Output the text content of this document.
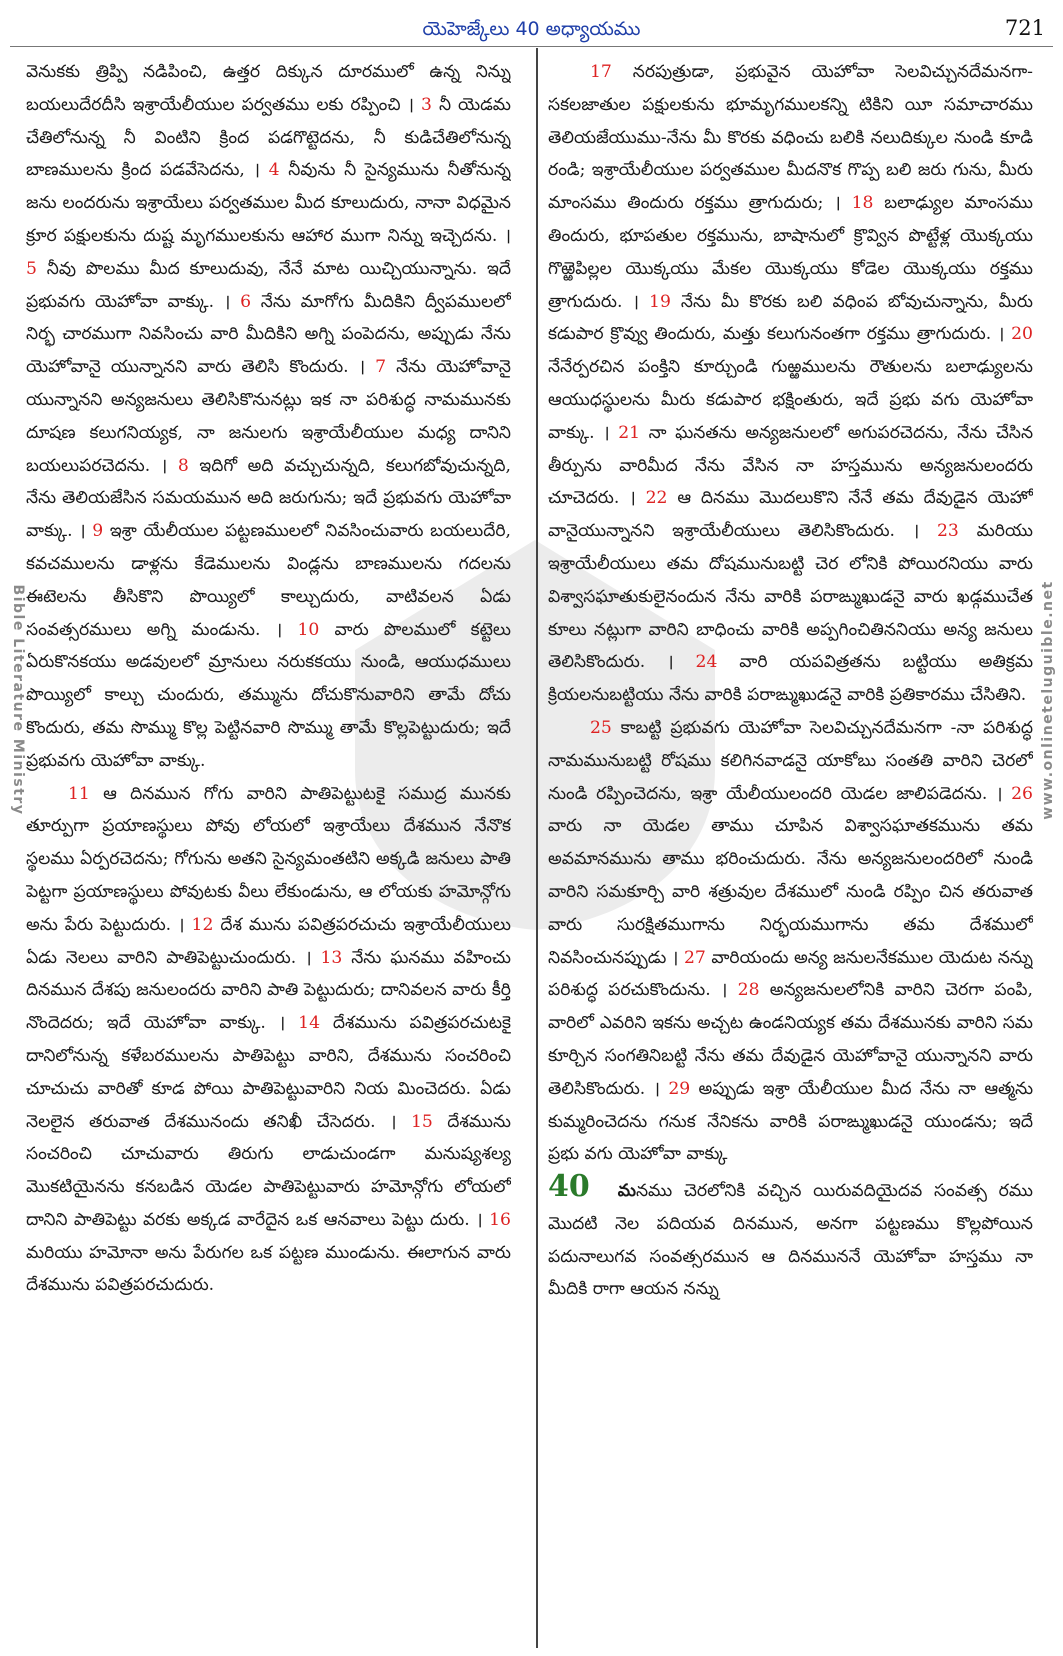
యెహెజ్కేలు 40 అధ్యాయము	721

వెనుకకు త్రిప్పి నడిపించి, ఉత్తర దిక్కున దూరములో ఉన్న నిన్ను బయలుదేరదీసి ఇశ్రాయేలీయుల పర్వతము లకు రప్పించి । 3 నీ యెడమ చేతిలోనున్న నీ వింటిని క్రింద పడగొట్టెదను, నీ కుడిచేతిలోనున్న బాణములను క్రింద పడవేసెదను, । 4 నీవును నీ సైన్యమును నీతోనున్న జను లందరును ఇశ్రాయేలు పర్వతముల మీద కూలుదురు, నానా విధమైన క్రూర పక్షులకును దుష్ట మృగములకును ఆహార ముగా నిన్ను ఇచ్చెదను. । 5 నీవు పొలము మీద కూలుదువు, నేనే మాట యిచ్చియున్నాను. ఇదే ప్రభువగు యెహోవా వాక్కు. । 6 నేను మాగోగు మీదికిని ద్వీపములలో నిర్భ చారముగా నివసించు వారి మీదికిని అగ్ని పంపెదను, అప్పుడు నేను యెహోవానై యున్నానని వారు తెలిసి కొందురు. । 7 నేను యెహోవానై యున్నానని అన్యజనులు తెలిసికొనునట్లు ఇక నా పరిశుద్ధ నామమునకు దూషణ కలుగనియ్యక, నా జనులగు ఇశ్రాయేలీయుల మధ్య దానిని బయలుపరచెదను. । 8 ఇదిగో అది వచ్చుచున్నది, కలుగబోవుచున్నది, నేను తెలియజేసిన సమయమున అది జరుగును; ఇదే ప్రభువగు యెహోవా వాక్కు. । 9 ఇశ్రా యేలీయుల పట్టణములలో నివసించువారు బయలుదేరి, కవచములను డాళ్లను కేడెములను విండ్లను బాణములను గదలను ఈటెలను తీసికొని పొయ్యిలో కాల్చుదురు, వాటివలన ఏడు సంవత్సరములు అగ్ని మండును. । 10 వారు పొలములో కట్టెలు ఏరుకొనకయు అడవులలో మ్రానులు నరుకకయు నుండి, ఆయుధములు పొయ్యిలో కాల్చు చుందురు, తమ్మును దోచుకొనువారిని తామే దోచు కొందురు, తమ సొమ్ము కొల్ల పెట్టినవారి సొమ్ము తామే కొల్లపెట్టుదురు; ఇదే ప్రభువగు యెహోవా వాక్కు.

11 ఆ దినమున గోగు వారిని పాతిపెట్టుటకై సముద్ర మునకు తూర్పుగా ప్రయాణస్థులు పోవు లోయలో ఇశ్రాయేలు దేశమున నేనొక స్థలము ఏర్పరచెదను; గోగును అతని సైన్యమంతటిని అక్కడి జనులు పాతి పెట్టగా ప్రయాణస్థులు పోవుటకు వీలు లేకుండును, ఆ లోయకు హమోన్గోగు అను పేరు పెట్టుదురు. । 12 దేశ మును పవిత్రపరచుచు ఇశ్రాయేలీయులు ఏడు నెలలు వారిని పాతిపెట్టుచుందురు. । 13 నేను ఘనము వహించు దినమున దేశపు జనులందరు వారిని పాతి పెట్టుదురు; దానివలన వారు కీర్తి నొందెదరు; ఇదే యెహోవా వాక్కు. । 14 దేశమును పవిత్రపరచుటకై దానిలోనున్న కళేబరములను పాతిపెట్టు వారిని, దేశమును సంచరించి చూచుచు వారితో కూడ పోయి పాతిపెట్టువారిని నియ మించెదరు. ఏడు నెలలైన తరువాత దేశమునందు తనిఖీ చేసెదరు. । 15 దేశమును సంచరించి చూచువారు తిరుగు లాడుచుండగా మనుష్యశల్య మొకటియైనను కనబడిన యెడల పాతిపెట్టువారు హమోన్గోగు లోయలో దానిని పాతిపెట్టు వరకు అక్కడ వారేదైన ఒక ఆనవాలు పెట్టు దురు. । 16 మరియు హమోనా అను పేరుగల ఒక పట్టణ ముండును. ఈలాగున వారు దేశమును పవిత్రపరచుదురు.

17 నరపుత్రుడా, ప్రభువైన యెహోవా సెలవిచ్చునదేమనగా-సకలజాతుల పక్షులకును భూమృగములకన్ని టికిని యీ సమాచారము తెలియజేయుము-నేను మీ కొరకు వధించు బలికి నలుదిక్కుల నుండి కూడి రండి; ఇశ్రాయేలీయుల పర్వతముల మీదనొక గొప్ప బలి జరు గును, మీరు మాంసము తిందురు రక్తము త్రాగుదురు; । 18 బలాఢ్యుల మాంసము తిందురు, భూపతుల రక్తమును, బాషానులో క్రొవ్విన పొట్టేళ్ల యొక్కయు గొఱ్ఱెపిల్లల యొక్కయు మేకల యొక్కయు కోడెల యొక్కయు రక్తము త్రాగుదురు. । 19 నేను మీ కొరకు బలి వధింప బోవుచున్నాను, మీరు కడుపార క్రొవ్వు తిందురు, మత్తు కలుగునంతగా రక్తము త్రాగుదురు. । 20 నేనేర్పరచిన పంక్తిని కూర్చుండి గుఱ్ఱములను రౌతులను బలాఢ్యులను ఆయుధస్థులను మీరు కడుపార భక్షింతురు, ఇదే ప్రభు వగు యెహోవా వాక్కు. । 21 నా ఘనతను అన్యజనులలో అగుపరచెదను, నేను చేసిన తీర్పును వారిమీద నేను వేసిన నా హస్తమును అన్యజనులందరు చూచెదరు. । 22 ఆ దినము మొదలుకొని నేనే తమ దేవుడైన యెహో వానైయున్నానని ఇశ్రాయేలీయులు తెలిసికొందురు. । 23 మరియు ఇశ్రాయేలీయులు తమ దోషమునుబట్టి చెర లోనికి పోయిరనియు వారు విశ్వాసఘాతుకులైనందున నేను వారికి పరాఙ్ముఖుడనై వారు ఖడ్గముచేత కూలు నట్లుగా వారిని బాధించు వారికి అప్పగించితిననియు అన్య జనులు తెలిసికొందురు. । 24 వారి యపవిత్రతను బట్టియు అతిక్రమ క్రియలనుబట్టియు నేను వారికి పరాఙ్ముఖుడనై వారికి ప్రతికారము చేసితిని.

25 కాబట్టి ప్రభువగు యెహోవా సెలవిచ్చునదేమనగా -నా పరిశుద్ధ నామమునుబట్టి రోషము కలిగినవాడనై యాకోబు సంతతి వారిని చెరలో నుండి రప్పించెదను, ఇశ్రా యేలీయులందరి యెడల జాలిపడెదను. । 26 వారు నా యెడల తాము చూపిన విశ్వాసఘాతకమును తమ అవమానమును తాము భరించుదురు. నేను అన్యజనులందరిలో నుండి వారిని సమకూర్చి వారి శత్రువుల దేశములో నుండి రప్పిం చిన తరువాత వారు సురక్షితముగాను నిర్భయముగాను తమ దేశములో నివసించునప్పుడు । 27 వారియందు అన్య జనులనేకముల యెదుట నన్ను పరిశుద్ధ పరచుకొందును. । 28 అన్యజనులలోనికి వారిని చెరగా పంపి, వారిలో ఎవరిని ఇకను అచ్చట ఉండనియ్యక తమ దేశమునకు వారిని సమ కూర్చిన సంగతినిబట్టి నేను తమ దేవుడైన యెహోవానై యున్నానని వారు తెలిసికొందురు. । 29 అప్పుడు ఇశ్రా యేలీయుల మీద నేను నా ఆత్మను కుమ్మరించెదను గనుక నేనికను వారికి పరాఙ్ముఖుడనై యుండను; ఇదే ప్రభు వగు యెహోవా వాక్కు

40 మనము చెరలోనికి వచ్చిన యిరువదియైదవ సంవత్స రము మొదటి నెల పదియవ దినమున, అనగా పట్టణము కొల్లపోయిన పదునాలుగవ సంవత్సరమున ఆ దినముననే యెహోవా హస్తము నా మీదికి రాగా ఆయన నన్ను

Bible Literature Ministry	www.onlineteluguible.net
